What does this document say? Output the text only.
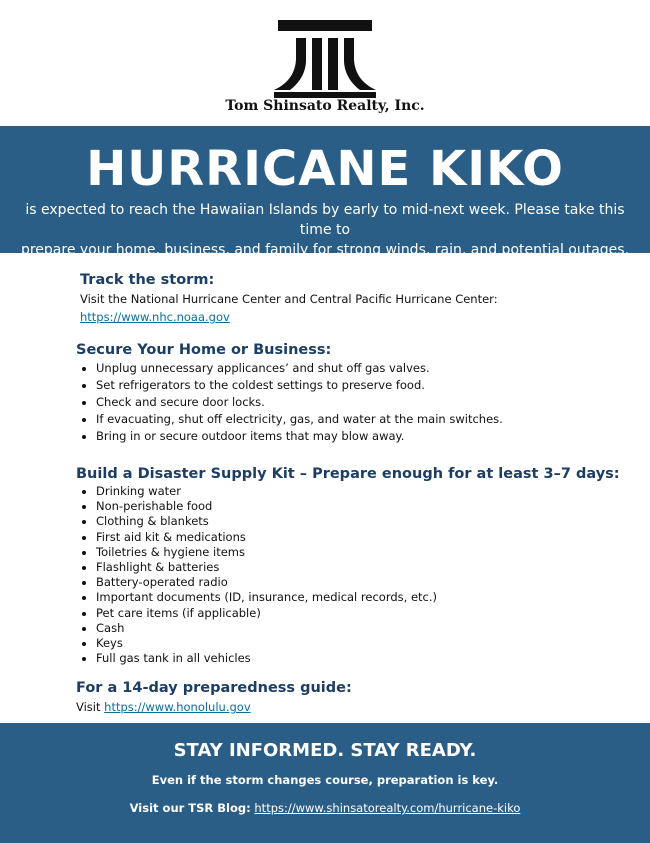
Tom Shinsato Realty, Inc.
HURRICANE KIKO
is expected to reach the Hawaiian Islands by early to mid-next week. Please take this time to
prepare your home, business, and family for strong winds, rain, and potential outages.
Track the storm:

Visit the National Hurricane Center and Central Pacific Hurricane Center:

https://www.nhc.noaa.gov

Secure Your Home or Business:
Unplug unnecessary applicances’ and shut off gas valves.
Set refrigerators to the coldest settings to preserve food.
Check and secure door locks.
If evacuating, shut off electricity, gas, and water at the main switches.
Bring in or secure outdoor items that may blow away.
Build a Disaster Supply Kit – Prepare enough for at least 3–7 days:
Drinking water
Non-perishable food
Clothing & blankets
First aid kit & medications
Toiletries & hygiene items
Flashlight & batteries
Battery-operated radio
Important documents (ID, insurance, medical records, etc.)
Pet care items (if applicable)
Cash
Keys
Full gas tank in all vehicles
For a 14-day preparedness guide:

Visit https://www.honolulu.gov

STAY INFORMED. STAY READY.
Even if the storm changes course, preparation is key.
Visit our TSR Blog: https://www.shinsatorealty.com/hurricane-kiko
